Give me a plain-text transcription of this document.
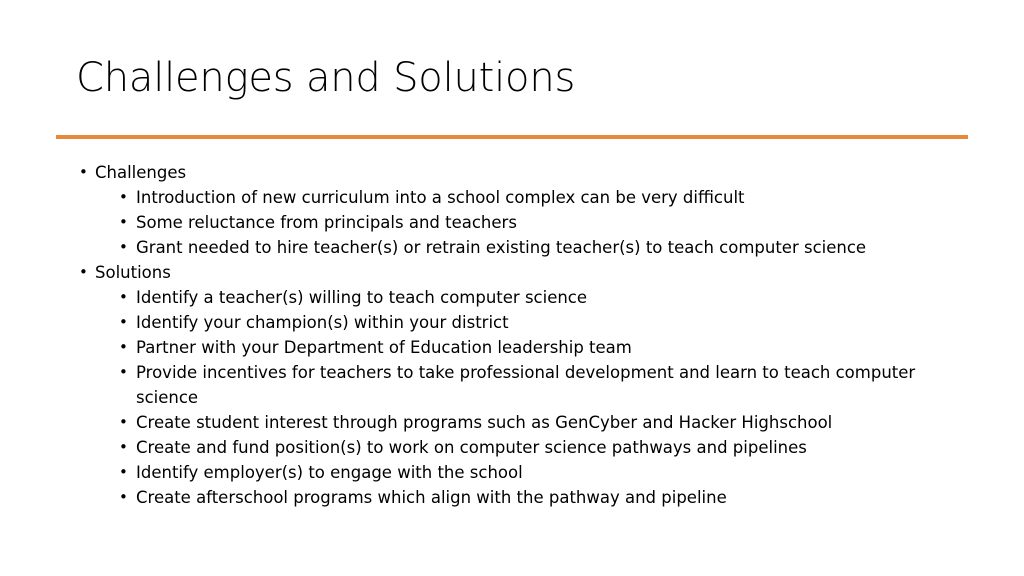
Challenges and Solutions
• Challenges
• Introduction of new curriculum into a school complex can be very difficult
• Some reluctance from principals and teachers
• Grant needed to hire teacher(s) or retrain existing teacher(s) to teach computer science
• Solutions
• Identify a teacher(s) willing to teach computer science
• Identify your champion(s) within your district
• Partner with your Department of Education leadership team
• Provide incentives for teachers to take professional development and learn to teach computer science
• Create student interest through programs such as GenCyber and Hacker Highschool
• Create and fund position(s) to work on computer science pathways and pipelines
• Identify employer(s) to engage with the school
• Create afterschool programs which align with the pathway and pipeline
